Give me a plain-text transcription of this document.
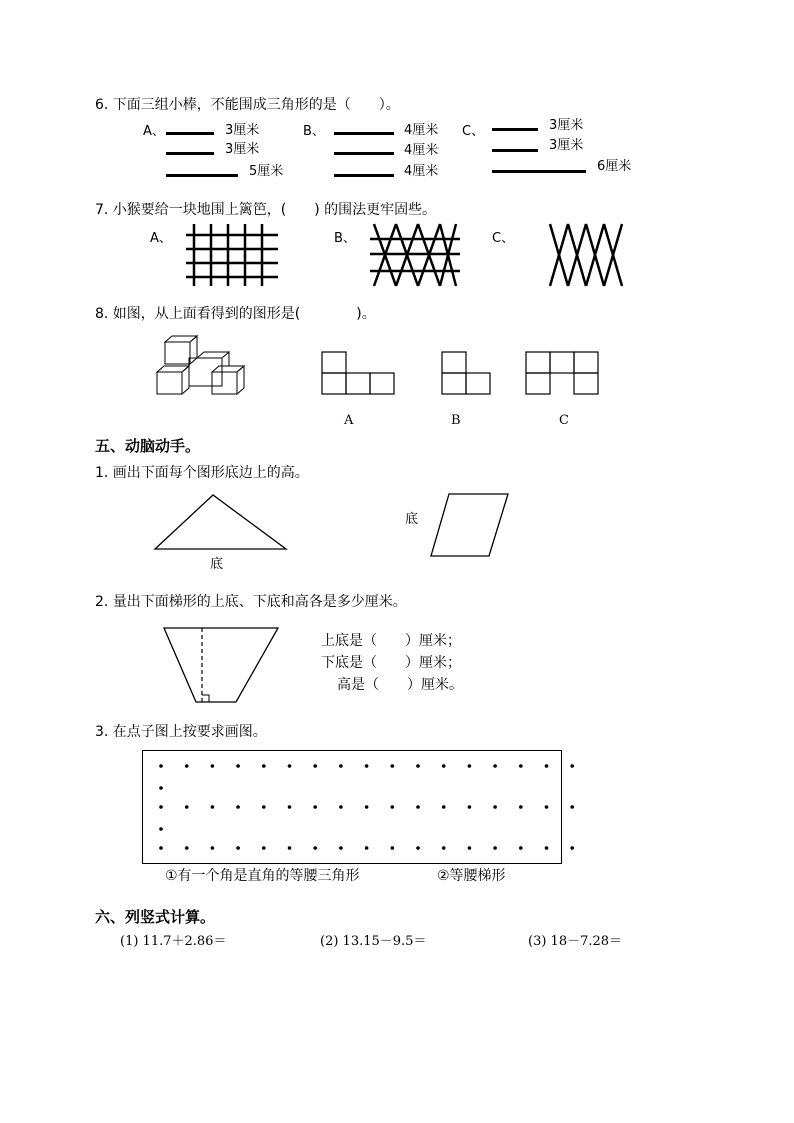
6. 下面三组小棒，不能围成三角形的是（　　）。
A、	3厘米
3厘米
5厘米
B、	4厘米
4厘米
4厘米
C、	3厘米
3厘米
6厘米
7. 小猴要给一块地围上篱笆，(　　) 的围法更牢固些。
A、	B、	C、
8. 如图，从上面看得到的图形是(　　　　)。
A	B	C
五、动脑动手。
1. 画出下面每个图形底边上的高。
底
底
2. 量出下面梯形的上底、下底和高各是多少厘米。
上底是（　　）厘米；
下底是（　　）厘米；
高是（　　）厘米。
3. 在点子图上按要求画图。
①有一个角是直角的等腰三角形	②等腰梯形
六、列竖式计算。
(1) 11.7＋2.86＝	(2) 13.15－9.5＝	(3) 18－7.28＝
